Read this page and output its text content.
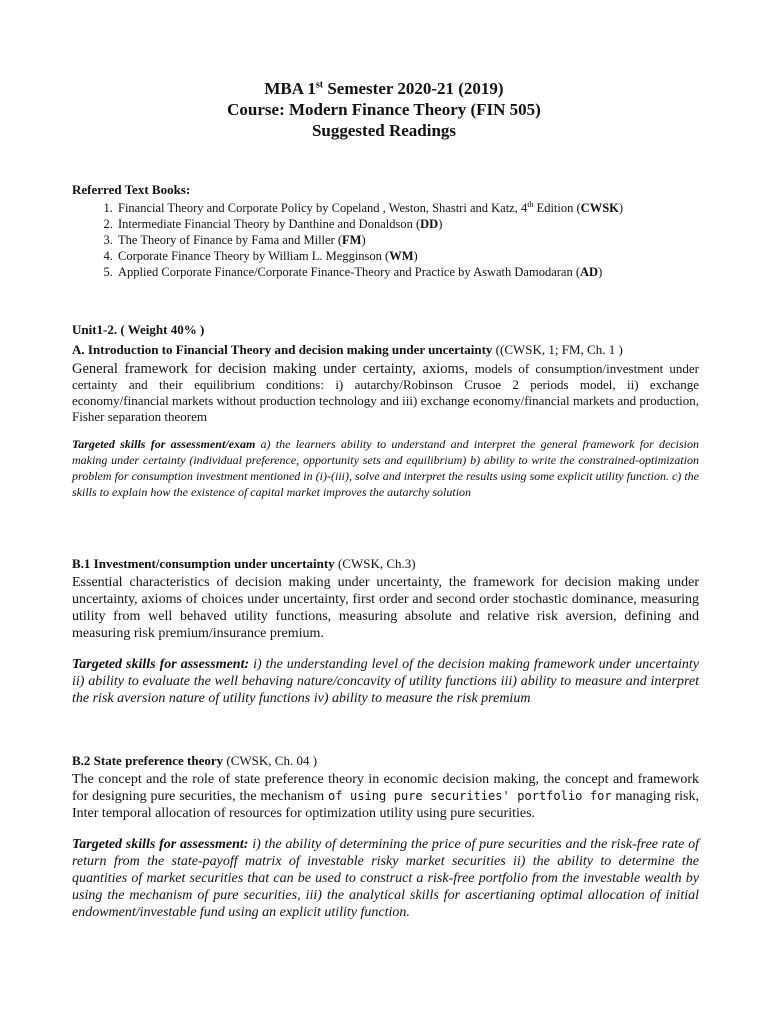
MBA 1st Semester 2020-21 (2019)
Course: Modern Finance Theory (FIN 505)
Suggested Readings
Referred Text Books:
1. Financial Theory and Corporate Policy by Copeland , Weston, Shastri and Katz, 4th Edition (CWSK)
2. Intermediate Financial Theory by Danthine and Donaldson (DD)
3. The Theory of Finance by Fama and Miller (FM)
4. Corporate Finance Theory by William L. Megginson (WM)
5. Applied Corporate Finance/Corporate Finance-Theory and Practice by Aswath Damodaran (AD)
Unit1-2. ( Weight 40% )
A. Introduction to Financial Theory and decision making under uncertainty ((CWSK, 1; FM, Ch. 1 )
General framework for decision making under certainty, axioms, models of consumption/investment under certainty and their equilibrium conditions: i) autarchy/Robinson Crusoe 2 periods model, ii) exchange economy/financial markets without production technology and iii) exchange economy/financial markets and production, Fisher separation theorem
Targeted skills for assessment/exam a) the learners ability to understand and interpret the general framework for decision making under certainty (individual preference, opportunity sets and equilibrium) b) ability to write the constrained-optimization problem for consumption investment mentioned in (i)-(iii), solve and interpret the results using some explicit utility function. c) the skills to explain how the existence of capital market improves the autarchy solution
B.1 Investment/consumption under uncertainty (CWSK, Ch.3)
Essential characteristics of decision making under uncertainty, the framework for decision making under uncertainty, axioms of choices under uncertainty, first order and second order stochastic dominance, measuring utility from well behaved utility functions, measuring absolute and relative risk aversion, defining and measuring risk premium/insurance premium.
Targeted skills for assessment: i) the understanding level of the decision making framework under uncertainty ii) ability to evaluate the well behaving nature/concavity of utility functions iii) ability to measure and interpret the risk aversion nature of utility functions iv) ability to measure the risk premium
B.2 State preference theory (CWSK, Ch. 04 )
The concept and the role of state preference theory in economic decision making, the concept and framework for designing pure securities, the mechanism of using pure securities' portfolio for managing risk, Inter temporal allocation of resources for optimization utility using pure securities.
Targeted skills for assessment: i) the ability of determining the price of pure securities and the risk-free rate of return from the state-payoff matrix of investable risky market securities ii) the ability to determine the quantities of market securities that can be used to construct a risk-free portfolio from the investable wealth by using the mechanism of pure securities, iii) the analytical skills for ascertianing optimal allocation of initial endowment/investable fund using an explicit utility function.
